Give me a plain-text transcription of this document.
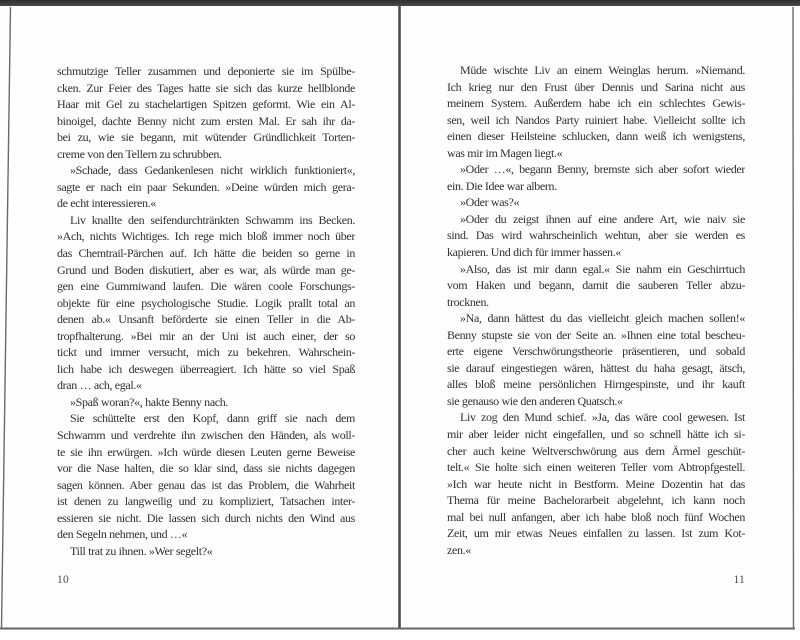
schmutzige Teller zusammen und deponierte sie im Spülbe-
cken. Zur Feier des Tages hatte sie sich das kurze hellblonde
Haar mit Gel zu stachelartigen Spitzen geformt. Wie ein Al-
binoigel, dachte Benny nicht zum ersten Mal. Er sah ihr da-
bei zu, wie sie begann, mit wütender Gründlichkeit Torten-
creme von den Tellern zu schrubben.
»Schade, dass Gedankenlesen nicht wirklich funktioniert«,
sagte er nach ein paar Sekunden. »Deine würden mich gera-
de echt interessieren.«
Liv knallte den seifendurchtränkten Schwamm ins Becken.
»Ach, nichts Wichtiges. Ich rege mich bloß immer noch über
das Chemtrail-Pärchen auf. Ich hätte die beiden so gerne in
Grund und Boden diskutiert, aber es war, als würde man ge-
gen eine Gummiwand laufen. Die wären coole Forschungs-
objekte für eine psychologische Studie. Logik prallt total an
denen ab.« Unsanft beförderte sie einen Teller in die Ab-
tropfhalterung. »Bei mir an der Uni ist auch einer, der so
tickt und immer versucht, mich zu bekehren. Wahrschein-
lich habe ich deswegen überreagiert. Ich hätte so viel Spaß
dran … ach, egal.«
»Spaß woran?«, hakte Benny nach.
Sie schüttelte erst den Kopf, dann griff sie nach dem
Schwamm und verdrehte ihn zwischen den Händen, als woll-
te sie ihn erwürgen. »Ich würde diesen Leuten gerne Beweise
vor die Nase halten, die so klar sind, dass sie nichts dagegen
sagen können. Aber genau das ist das Problem, die Wahrheit
ist denen zu langweilig und zu kompliziert, Tatsachen inter-
essieren sie nicht. Die lassen sich durch nichts den Wind aus
den Segeln nehmen, und …«
Till trat zu ihnen. »Wer segelt?«
10
Müde wischte Liv an einem Weinglas herum. »Niemand.
Ich krieg nur den Frust über Dennis und Sarina nicht aus
meinem System. Außerdem habe ich ein schlechtes Gewis-
sen, weil ich Nandos Party ruiniert habe. Vielleicht sollte ich
einen dieser Heilsteine schlucken, dann weiß ich wenigstens,
was mir im Magen liegt.«
»Oder …«, begann Benny, bremste sich aber sofort wieder
ein. Die Idee war albern.
»Oder was?«
»Oder du zeigst ihnen auf eine andere Art, wie naiv sie
sind. Das wird wahrscheinlich wehtun, aber sie werden es
kapieren. Und dich für immer hassen.«
»Also, das ist mir dann egal.« Sie nahm ein Geschirrtuch
vom Haken und begann, damit die sauberen Teller abzu-
trocknen.
»Na, dann hättest du das vielleicht gleich machen sollen!«
Benny stupste sie von der Seite an. »Ihnen eine total bescheu-
erte eigene Verschwörungstheorie präsentieren, und sobald
sie darauf eingestiegen wären, hättest du haha gesagt, ätsch,
alles bloß meine persönlichen Hirngespinste, und ihr kauft
sie genauso wie den anderen Quatsch.«
Liv zog den Mund schief. »Ja, das wäre cool gewesen. Ist
mir aber leider nicht eingefallen, und so schnell hätte ich si-
cher auch keine Weltverschwörung aus dem Ärmel geschüt-
telt.« Sie holte sich einen weiteren Teller vom Abtropfgestell.
»Ich war heute nicht in Bestform. Meine Dozentin hat das
Thema für meine Bachelorarbeit abgelehnt, ich kann noch
mal bei null anfangen, aber ich habe bloß noch fünf Wochen
Zeit, um mir etwas Neues einfallen zu lassen. Ist zum Kot-
zen.«
11
